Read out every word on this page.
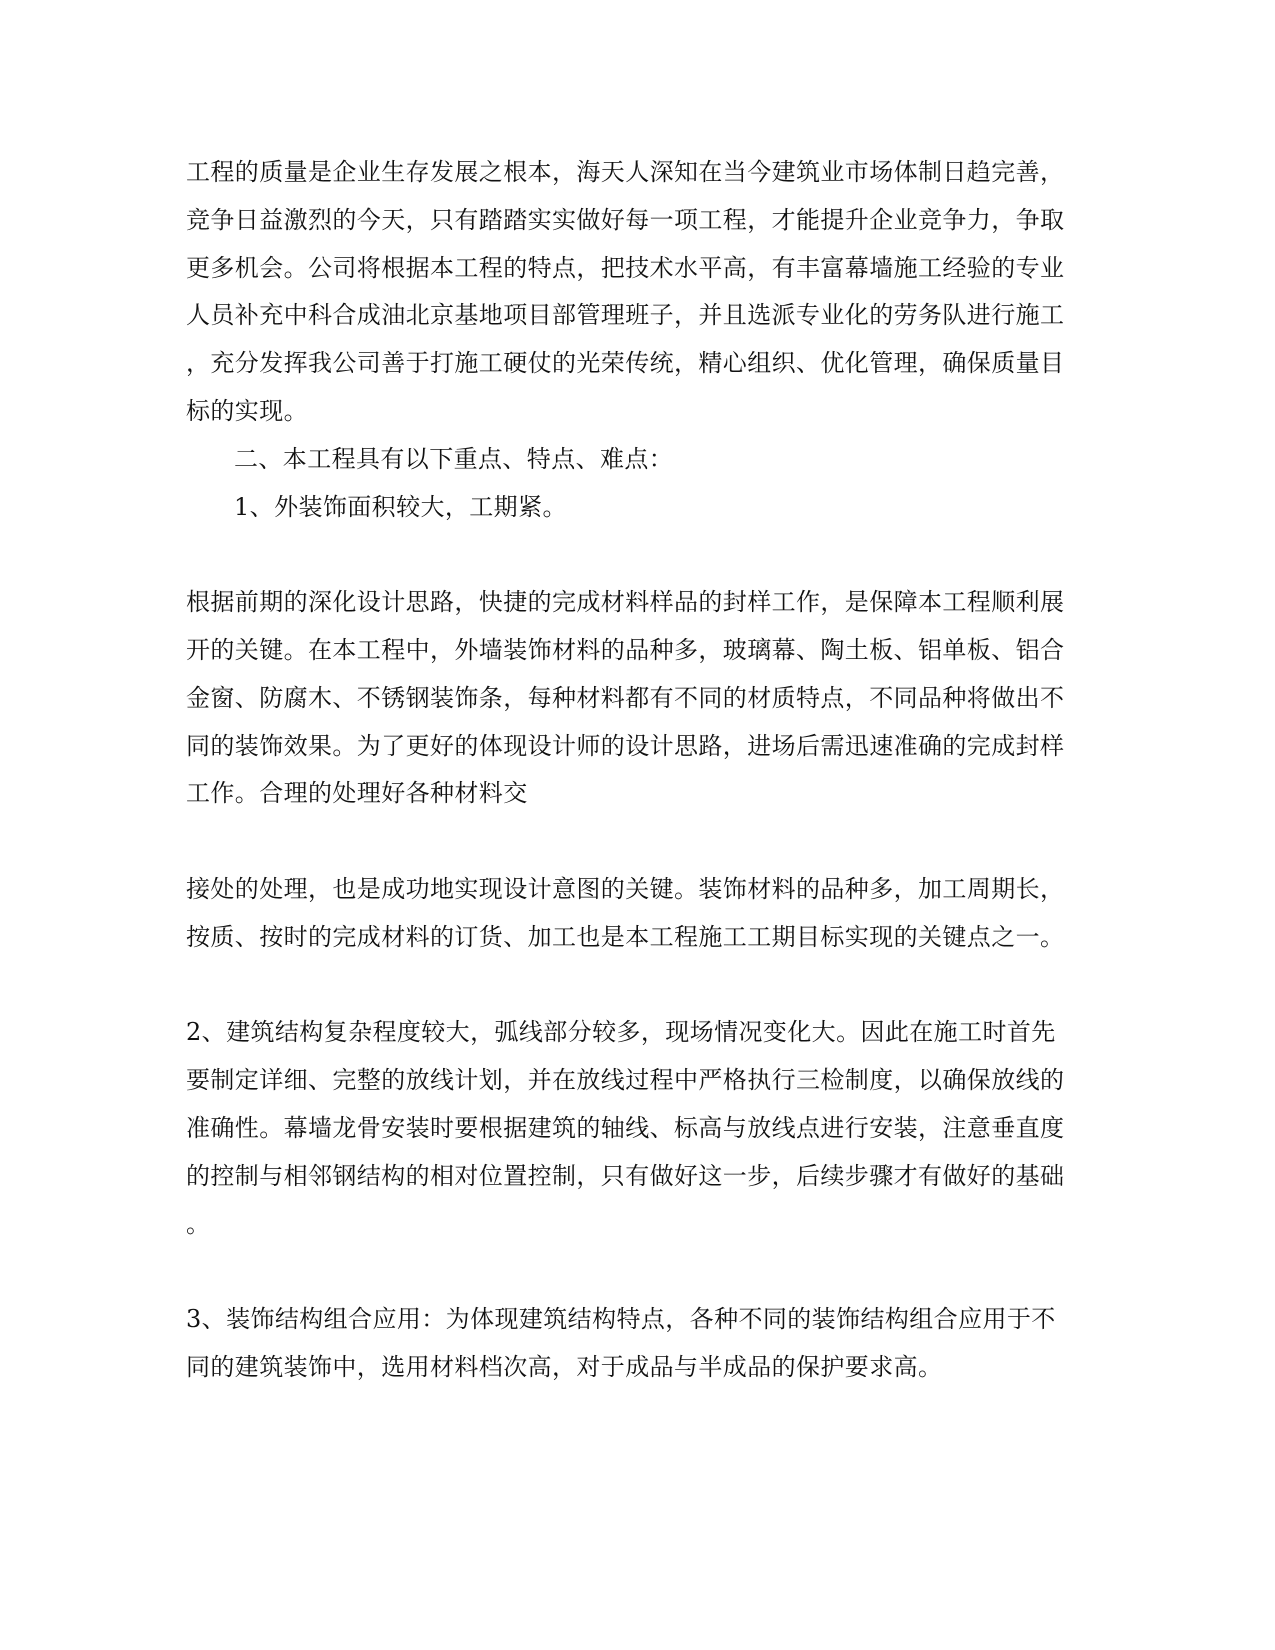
工程的质量是企业生存发展之根本，海天人深知在当今建筑业市场体制日趋完善，

竞争日益激烈的今天，只有踏踏实实做好每一项工程，才能提升企业竞争力，争取

更多机会。公司将根据本工程的特点，把技术水平高，有丰富幕墙施工经验的专业

人员补充中科合成油北京基地项目部管理班子，并且选派专业化的劳务队进行施工

，充分发挥我公司善于打施工硬仗的光荣传统，精心组织、优化管理，确保质量目

标的实现。

二、本工程具有以下重点、特点、难点：

1、外装饰面积较大，工期紧。

根据前期的深化设计思路，快捷的完成材料样品的封样工作，是保障本工程顺利展

开的关键。在本工程中，外墙装饰材料的品种多，玻璃幕、陶土板、铝单板、铝合

金窗、防腐木、不锈钢装饰条，每种材料都有不同的材质特点，不同品种将做出不

同的装饰效果。为了更好的体现设计师的设计思路，进场后需迅速准确的完成封样

工作。合理的处理好各种材料交

接处的处理，也是成功地实现设计意图的关键。装饰材料的品种多，加工周期长，

按质、按时的完成材料的订货、加工也是本工程施工工期目标实现的关键点之一。

2、建筑结构复杂程度较大，弧线部分较多，现场情况变化大。因此在施工时首先

要制定详细、完整的放线计划，并在放线过程中严格执行三检制度，以确保放线的

准确性。幕墙龙骨安装时要根据建筑的轴线、标高与放线点进行安装，注意垂直度

的控制与相邻钢结构的相对位置控制，只有做好这一步，后续步骤才有做好的基础

。

3、装饰结构组合应用：为体现建筑结构特点，各种不同的装饰结构组合应用于不

同的建筑装饰中，选用材料档次高，对于成品与半成品的保护要求高。
